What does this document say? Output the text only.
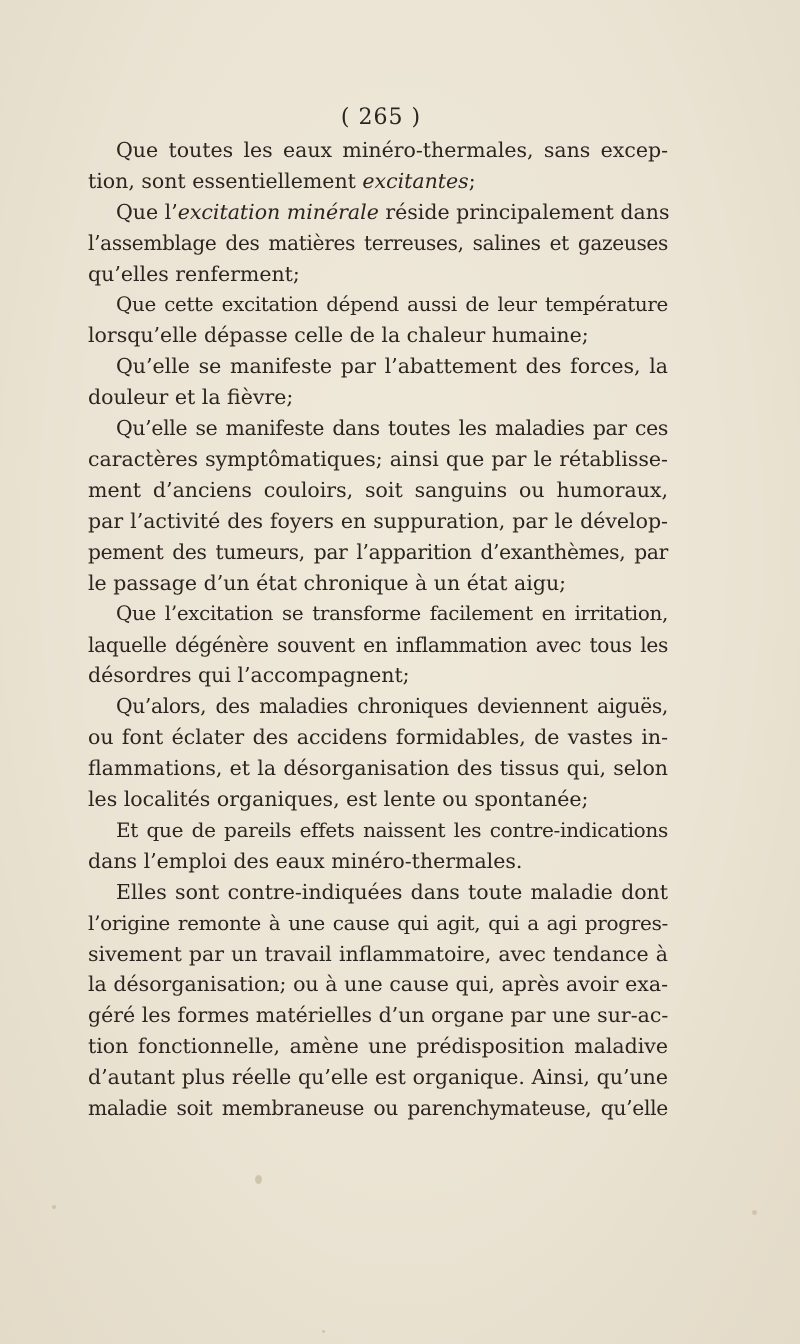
( 265 )
Que toutes les eaux minéro-thermales, sans excep-
tion, sont essentiellement excitantes;
Que l’excitation minérale réside principalement dans
l’assemblage des matières terreuses, salines et gazeuses
qu’elles renferment;
Que cette excitation dépend aussi de leur température
lorsqu’elle dépasse celle de la chaleur humaine;
Qu’elle se manifeste par l’abattement des forces, la
douleur et la fièvre;
Qu’elle se manifeste dans toutes les maladies par ces
caractères symptômatiques; ainsi que par le rétablisse-
ment d’anciens couloirs, soit sanguins ou humoraux,
par l’activité des foyers en suppuration, par le dévelop-
pement des tumeurs, par l’apparition d’exanthèmes, par
le passage d’un état chronique à un état aigu;
Que l’excitation se transforme facilement en irritation,
laquelle dégénère souvent en inflammation avec tous les
désordres qui l’accompagnent;
Qu’alors, des maladies chroniques deviennent aiguës,
ou font éclater des accidens formidables, de vastes in-
flammations, et la désorganisation des tissus qui, selon
les localités organiques, est lente ou spontanée;
Et que de pareils effets naissent les contre-indications
dans l’emploi des eaux minéro-thermales.
Elles sont contre-indiquées dans toute maladie dont
l’origine remonte à une cause qui agit, qui a agi progres-
sivement par un travail inflammatoire, avec tendance à
la désorganisation; ou à une cause qui, après avoir exa-
géré les formes matérielles d’un organe par une sur-ac-
tion fonctionnelle, amène une prédisposition maladive
d’autant plus réelle qu’elle est organique. Ainsi, qu’une
maladie soit membraneuse ou parenchymateuse, qu’elle
